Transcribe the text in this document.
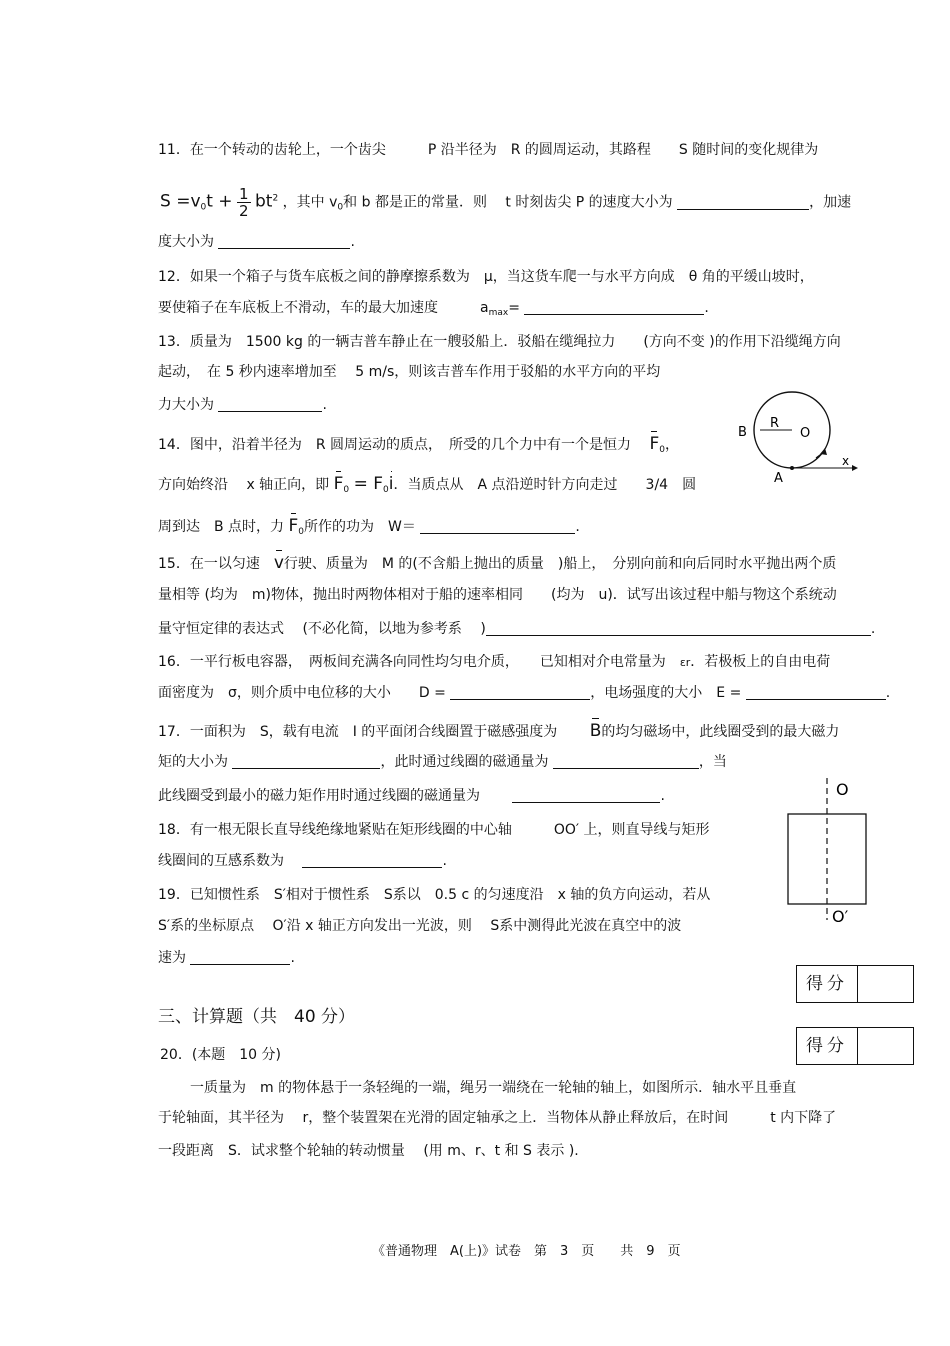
11．在一个转动的齿轮上，一个齿尖　　　P 沿半径为　R 的圆周运动，其路程　　S 随时间的变化规律为
$S =v_0t + \frac{1}{2} bt^2$ ，其中 $v_0$和 b 都是正的常量．则　 t 时刻齿尖 P 的速度大小为	，加速
度大小为	.
12．如果一个箱子与货车底板之间的静摩擦系数为　 μ，当这货车爬一与水平方向成　 θ 角的平缓山坡时，
要使箱子在车底板上不滑动，车的最大加速度　　　	$a_{max}=$	.
13．质量为　1500 kg 的一辆吉普车静止在一艘驳船上．驳船在缆绳拉力　　(方向不变 )的作用下沿缆绳方向
起动，　在 5 秒内速率增加至　 5 m/s，则该吉普车作用于驳船的水平方向的平均
力大小为	.
14．图中，沿着半径为　R 圆周运动的质点，　所受的几个力中有一个是恒力　 $F_0$，
方向始终沿　 x 轴正向，即 $F_0 = F_0i$．当质点从　A 点沿逆时针方向走过　　3/4　圆
周到达　B 点时，力 $F_0$所作的功为　W＝	.
B
R
O
A
x
15．在一以匀速　 v行驶、质量为　M 的(不含船上抛出的质量　)船上，　分别向前和向后同时水平抛出两个质
量相等 (均为　m)物体，抛出时两物体相对于船的速率相同　　(均为　u)．试写出该过程中船与物这个系统动
量守恒定律的表达式　 (不必化简，以地为参考系　 )	.
16．一平行板电容器，　两板间充满各向同性均匀电介质，　　已知相对介电常量为　 εr．若极板上的自由电荷
面密度为　 σ，则介质中电位移的大小　　D =	，电场强度的大小　E =	.
17．一面积为　S，载有电流　I 的平面闭合线圈置于磁感强度为　　 B的均匀磁场中，此线圈受到的最大磁力
矩的大小为	，此时通过线圈的磁通量为	，当
此线圈受到最小的磁力矩作用时通过线圈的磁通量为　　	.
18．有一根无限长直导线绝缘地紧贴在矩形线圈的中心轴　　　OO′ 上，则直导线与矩形
线圈间的互感系数为　	.
O
O′
19．已知惯性系　S′相对于惯性系　S系以　0.5 c 的匀速度沿　x 轴的负方向运动，若从
S′系的坐标原点　 O′沿 x 轴正方向发出一光波，则　 S系中测得此光波在真空中的波
速为	.
得分
得分
三、计算题（共　40 分）
20．(本题　10 分)
一质量为　m 的物体悬于一条轻绳的一端，绳另一端绕在一轮轴的轴上，如图所示．轴水平且垂直
于轮轴面，其半径为　 r，整个装置架在光滑的固定轴承之上．当物体从静止释放后，在时间　　　t 内下降了
一段距离　S．试求整个轮轴的转动惯量　 (用 m、r、t 和 S 表示 ).
《普通物理　A(上)》试卷　第　3　页　　共　9　页
